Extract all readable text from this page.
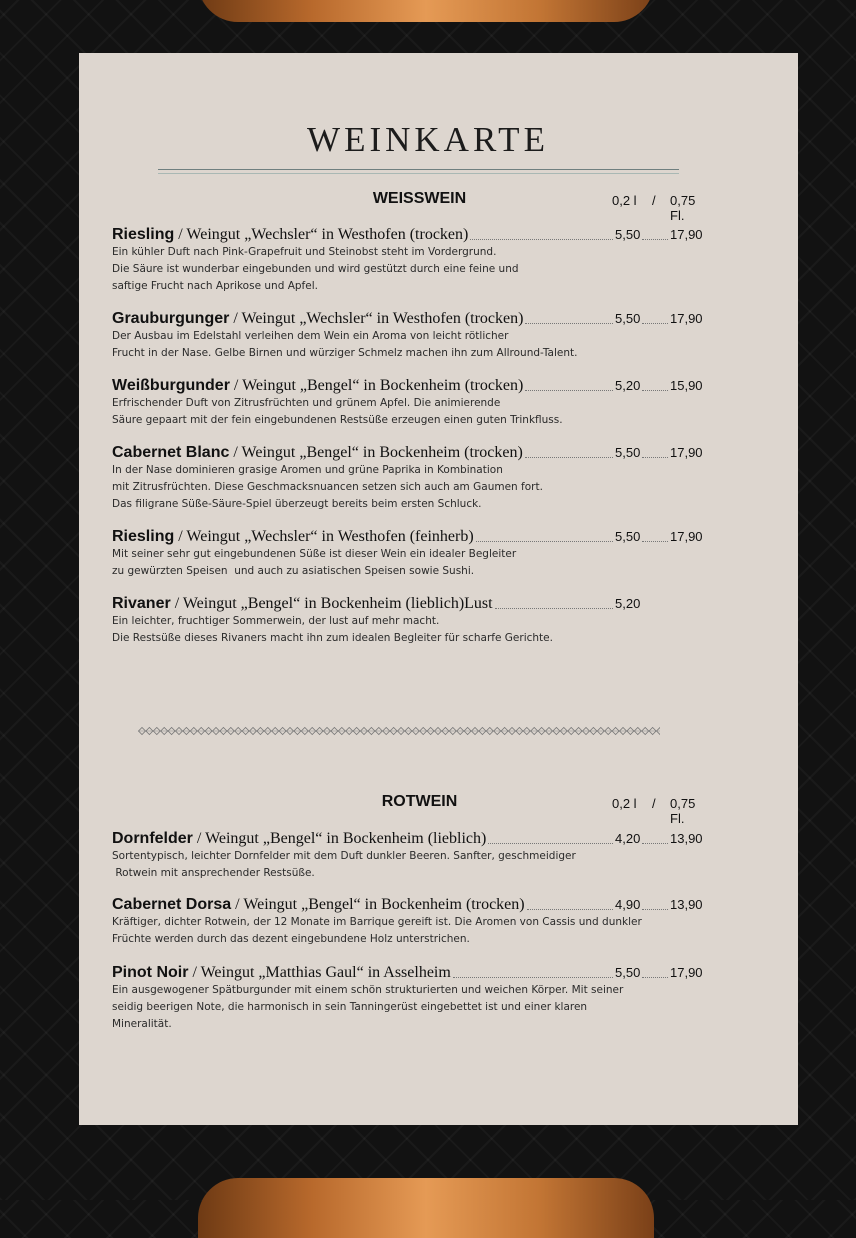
WEINKARTE
WEISSWEIN	0,2 l / 0,75 Fl.
Riesling / Weingut „Wechsler“ in Westhofen (trocken)	5,50 17,90

Ein kühler Duft nach Pink-Grapefruit und Steinobst steht im Vordergrund.

Die Säure ist wunderbar eingebunden und wird gestützt durch eine feine und

saftige Frucht nach Aprikose und Apfel.

Grauburgunger / Weingut „Wechsler“ in Westhofen (trocken)	5,50 17,90

Der Ausbau im Edelstahl verleihen dem Wein ein Aroma von leicht rötlicher

Frucht in der Nase. Gelbe Birnen und würziger Schmelz machen ihn zum Allround-Talent.

Weißburgunder / Weingut „Bengel“ in Bockenheim (trocken)	5,20 15,90

Erfrischender Duft von Zitrusfrüchten und grünem Apfel. Die animierende

Säure gepaart mit der fein eingebundenen Restsüße erzeugen einen guten Trinkfluss.

Cabernet Blanc / Weingut „Bengel“ in Bockenheim (trocken)	5,50 17,90

In der Nase dominieren grasige Aromen und grüne Paprika in Kombination

mit Zitrusfrüchten. Diese Geschmacksnuancen setzen sich auch am Gaumen fort.

Das filigrane Süße-Säure-Spiel überzeugt bereits beim ersten Schluck.

Riesling / Weingut „Wechsler“ in Westhofen (feinherb)	5,50 17,90

Mit seiner sehr gut eingebundenen Süße ist dieser Wein ein idealer Begleiter

zu gewürzten Speisen  und auch zu asiatischen Speisen sowie Sushi.

Rivaner / Weingut „Bengel“ in Bockenheim (lieblich)Lust	5,20

Ein leichter, fruchtiger Sommerwein, der lust auf mehr macht.

Die Restsüße dieses Rivaners macht ihn zum idealen Begleiter für scharfe Gerichte.

ROTWEIN	0,2 l / 0,75 Fl.
Dornfelder / Weingut „Bengel“ in Bockenheim (lieblich)	4,20 13,90

Sortentypisch, leichter Dornfelder mit dem Duft dunkler Beeren. Sanfter, geschmeidiger

Rotwein mit ansprechender Restsüße.

Cabernet Dorsa / Weingut „Bengel“ in Bockenheim (trocken)	4,90 13,90

Kräftiger, dichter Rotwein, der 12 Monate im Barrique gereift ist. Die Aromen von Cassis und dunkler

Früchte werden durch das dezent eingebundene Holz unterstrichen.

Pinot Noir / Weingut „Matthias Gaul“ in Asselheim	5,50 17,90

Ein ausgewogener Spätburgunder mit einem schön strukturierten und weichen Körper. Mit seiner

seidig beerigen Note, die harmonisch in sein Tanningerüst eingebettet ist und einer klaren

Mineralität.
